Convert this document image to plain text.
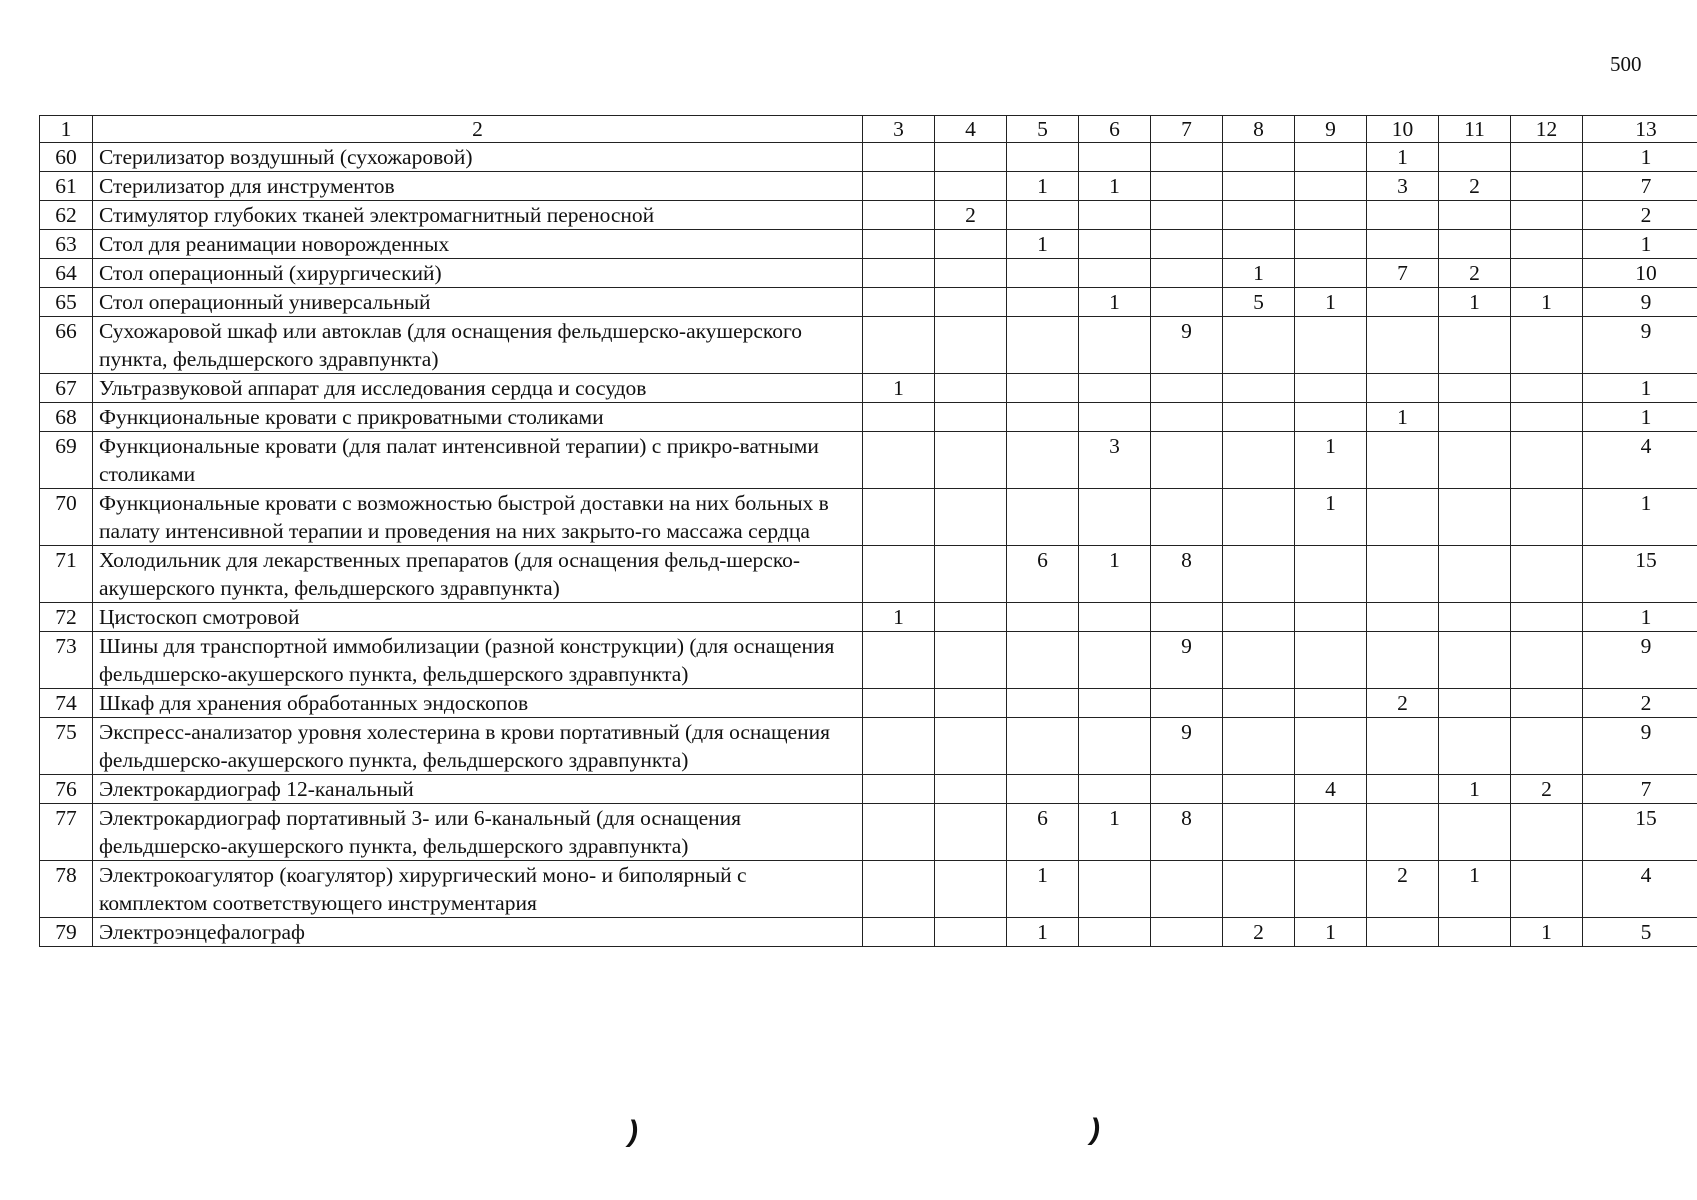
500
1	2	3	4	5	6	7	8	9	10	11	12	13
60	Стерилизатор воздушный (сухожаровой)								1			1
61	Стерилизатор для инструментов			1	1				3	2		7
62	Стимулятор глубоких тканей электромагнитный переносной		2									2
63	Стол для реанимации новорожденных			1								1
64	Стол операционный (хирургический)						1		7	2		10
65	Стол операционный универсальный				1		5	1		1	1	9
66	Сухожаровой шкаф или автоклав (для оснащения фельдшерско-акушерского пункта, фельдшерского здравпункта)					9						9
67	Ультразвуковой аппарат для исследования сердца и сосудов	1										1
68	Функциональные кровати с прикроватными столиками								1			1
69	Функциональные кровати (для палат интенсивной терапии) с прикро-ватными столиками				3			1				4
70	Функциональные кровати с возможностью быстрой доставки на них больных в палату интенсивной терапии и проведения на них закрыто-го массажа сердца							1				1
71	Холодильник для лекарственных препаратов (для оснащения фельд-шерско-акушерского пункта, фельдшерского здравпункта)			6	1	8						15
72	Цистоскоп смотровой	1										1
73	Шины для транспортной иммобилизации (разной конструкции) (для оснащения фельдшерско-акушерского пункта, фельдшерского здравпункта)					9						9
74	Шкаф для хранения обработанных эндоскопов								2			2
75	Экспресс-анализатор уровня холестерина в крови портативный (для оснащения фельдшерско-акушерского пункта, фельдшерского здравпункта)					9						9
76	Электрокардиограф 12-канальный							4		1	2	7
77	Электрокардиограф портативный 3- или 6-канальный (для оснащения фельдшерско-акушерского пункта, фельдшерского здравпункта)			6	1	8						15
78	Электрокоагулятор (коагулятор) хирургический моно- и биполярный с комплектом соответствующего инструментария			1					2	1		4
79	Электроэнцефалограф			1			2	1			1	5
)	)
